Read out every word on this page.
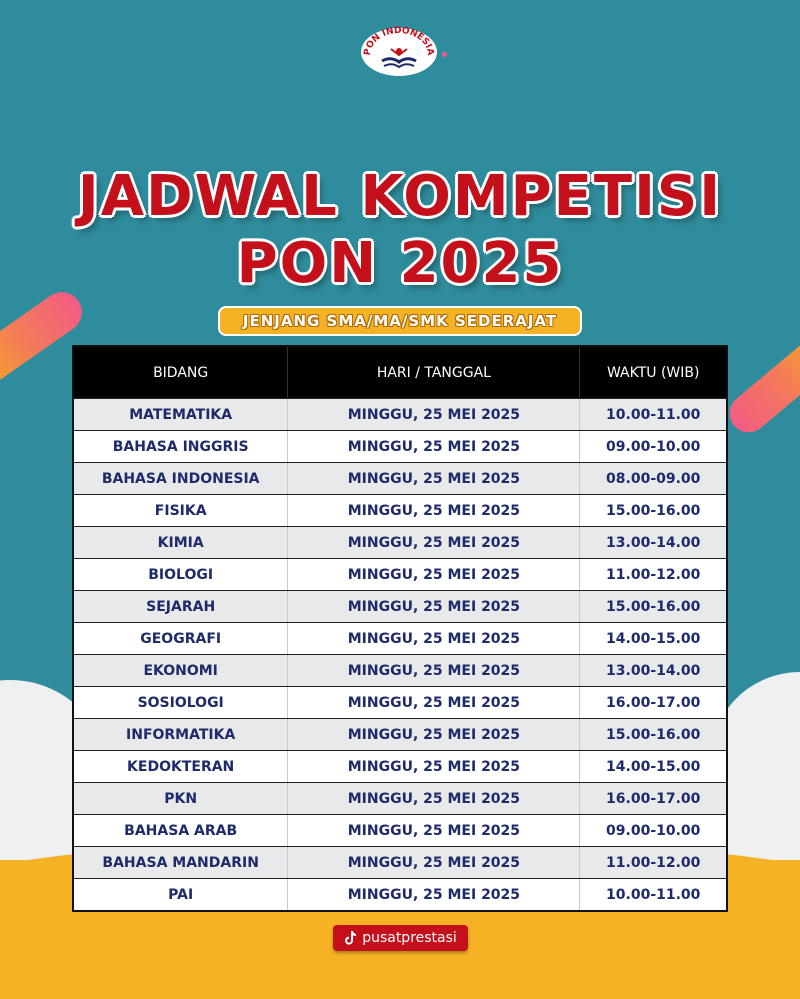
PON INDONESIA
JADWAL KOMPETISI
PON 2025
JENJANG SMA/MA/SMK SEDERAJAT
BIDANG	HARI / TANGGAL	WAKTU (WIB)
MATEMATIKA	MINGGU, 25 MEI 2025	10.00-11.00
BAHASA INGGRIS	MINGGU, 25 MEI 2025	09.00-10.00
BAHASA INDONESIA	MINGGU, 25 MEI 2025	08.00-09.00
FISIKA	MINGGU, 25 MEI 2025	15.00-16.00
KIMIA	MINGGU, 25 MEI 2025	13.00-14.00
BIOLOGI	MINGGU, 25 MEI 2025	11.00-12.00
SEJARAH	MINGGU, 25 MEI 2025	15.00-16.00
GEOGRAFI	MINGGU, 25 MEI 2025	14.00-15.00
EKONOMI	MINGGU, 25 MEI 2025	13.00-14.00
SOSIOLOGI	MINGGU, 25 MEI 2025	16.00-17.00
INFORMATIKA	MINGGU, 25 MEI 2025	15.00-16.00
KEDOKTERAN	MINGGU, 25 MEI 2025	14.00-15.00
PKN	MINGGU, 25 MEI 2025	16.00-17.00
BAHASA ARAB	MINGGU, 25 MEI 2025	09.00-10.00
BAHASA MANDARIN	MINGGU, 25 MEI 2025	11.00-12.00
PAI	MINGGU, 25 MEI 2025	10.00-11.00
pusatprestasi
